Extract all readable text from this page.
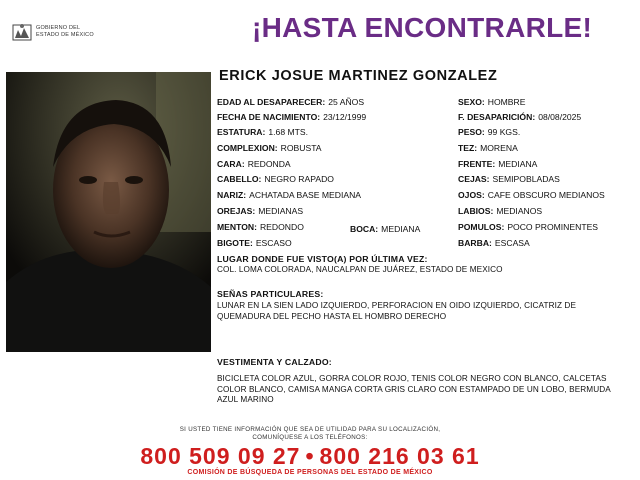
GOBIERNO DEL
ESTADO DE MÉXICO	¡HASTA ENCONTRARLE!
ERICK JOSUE MARTINEZ GONZALEZ
EDAD AL DESAPARECER: 25 AÑOS
FECHA DE NACIMIENTO: 23/12/1999
ESTATURA: 1.68 MTS.
COMPLEXION: ROBUSTA
CARA: REDONDA
CABELLO: NEGRO RAPADO
NARIZ: ACHATADA BASE MEDIANA
OREJAS: MEDIANAS
MENTON: REDONDO	BOCA: MEDIANA
BIGOTE: ESCASO
SEXO: HOMBRE
F. DESAPARICIÓN: 08/08/2025
PESO: 99 KGS.
TEZ: MORENA
FRENTE: MEDIANA
CEJAS: SEMIPOBLADAS
OJOS: CAFE OBSCURO MEDIANOS
LABIOS: MEDIANOS
POMULOS: POCO PROMINENTES
BARBA: ESCASA
LUGAR DONDE FUE VISTO(A) POR ÚLTIMA VEZ:
COL. LOMA COLORADA, NAUCALPAN DE JUÁREZ, ESTADO DE MEXICO
SEÑAS PARTICULARES:
LUNAR EN LA SIEN LADO IZQUIERDO, PERFORACION EN OIDO IZQUIERDO, CICATRIZ DE QUEMADURA DEL PECHO HASTA EL HOMBRO DERECHO
VESTIMENTA Y CALZADO:
BICICLETA COLOR AZUL, GORRA COLOR ROJO, TENIS COLOR NEGRO CON BLANCO, CALCETAS COLOR BLANCO, CAMISA MANGA CORTA GRIS CLARO CON ESTAMPADO DE UN LOBO, BERMUDA AZUL MARINO
SI USTED TIENE INFORMACIÓN QUE SEA DE UTILIDAD PARA SU LOCALIZACIÓN,
COMUNÍQUESE A LOS TELÉFONOS:
800 509 09 27 • 800 216 03 61
COMISIÓN DE BÚSQUEDA DE PERSONAS DEL ESTADO DE MÉXICO
